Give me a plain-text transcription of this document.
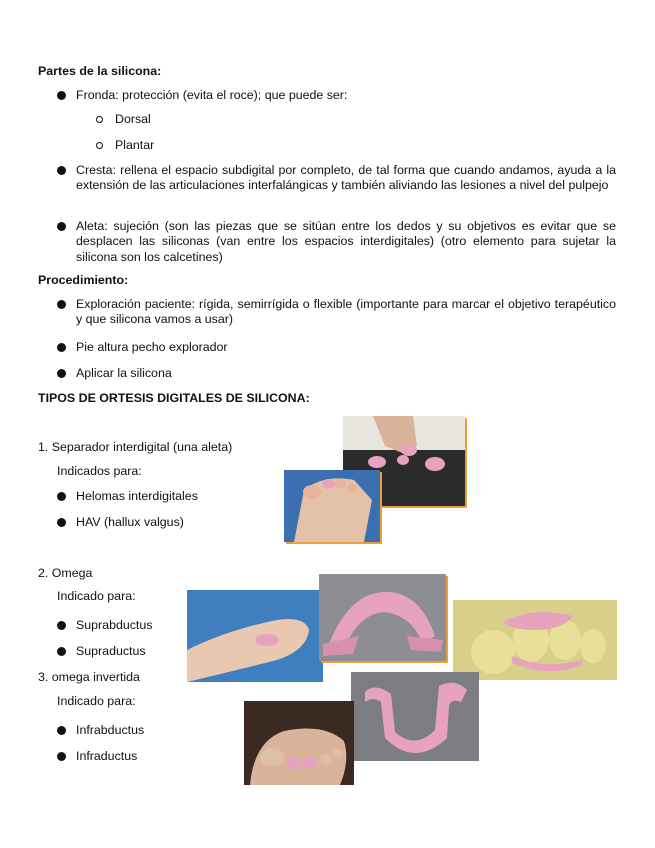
Partes de la silicona:
Fronda: protección (evita el roce); que puede ser:
Dorsal
Plantar
Cresta: rellena el espacio subdigital por completo, de tal forma que cuando andamos, ayuda a la extensión de las articulaciones interfalángicas y también aliviando las lesiones a nivel del pulpejo
Aleta: sujeción (son las piezas que se sitúan entre los dedos y su objetivos es evitar que se desplacen las siliconas (van entre los espacios interdigitales) (otro elemento para sujetar la silicona son los calcetines)
Procedimiento:
Exploración paciente: rígida, semirrígida o flexible (importante para marcar el objetivo terapéutico y que silicona vamos a usar)
Pie altura pecho explorador
Aplicar la silicona
TIPOS DE ORTESIS DIGITALES DE SILICONA:
1. Separador interdigital (una aleta)
Indicados para:
Helomas interdigitales
HAV (hallux valgus)
2. Omega
Indicado para:
Suprabductus
Supraductus
3. omega invertida
Indicado para:
Infrabductus
Infraductus
